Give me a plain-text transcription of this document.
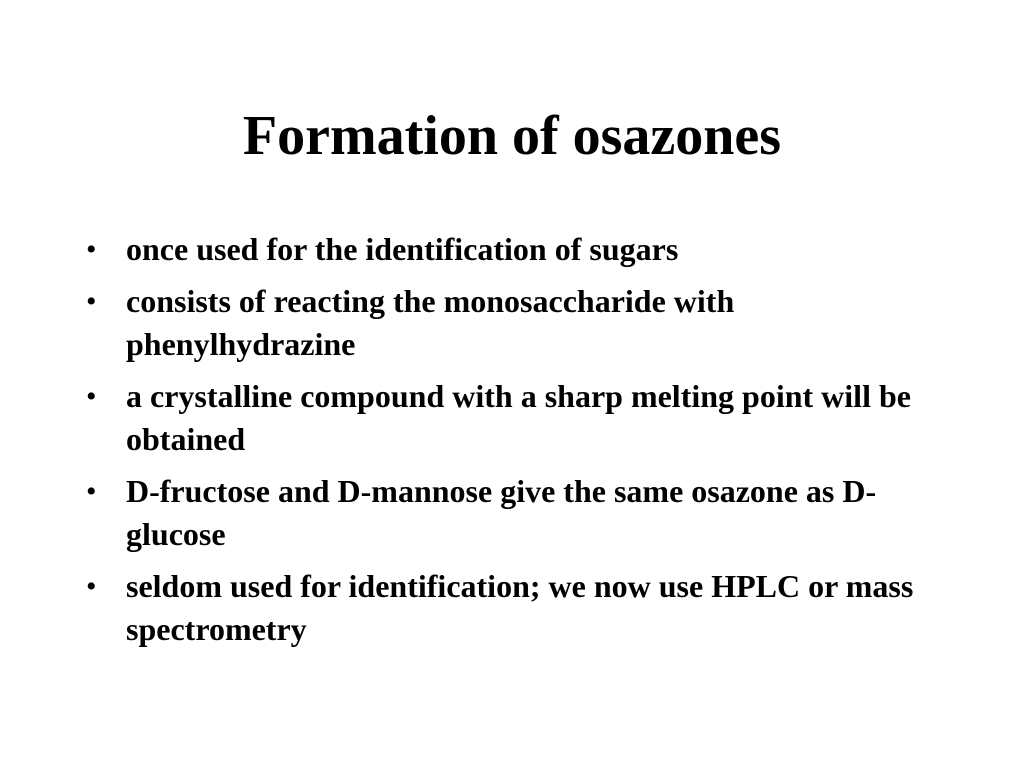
Formation of osazones
• once used for the identification of sugars
• consists of reacting the monosaccharide with phenylhydrazine
• a crystalline compound with a sharp melting point will be obtained
• D-fructose and D-mannose give the same osazone as D-glucose
• seldom used for identification; we now use HPLC or mass spectrometry
